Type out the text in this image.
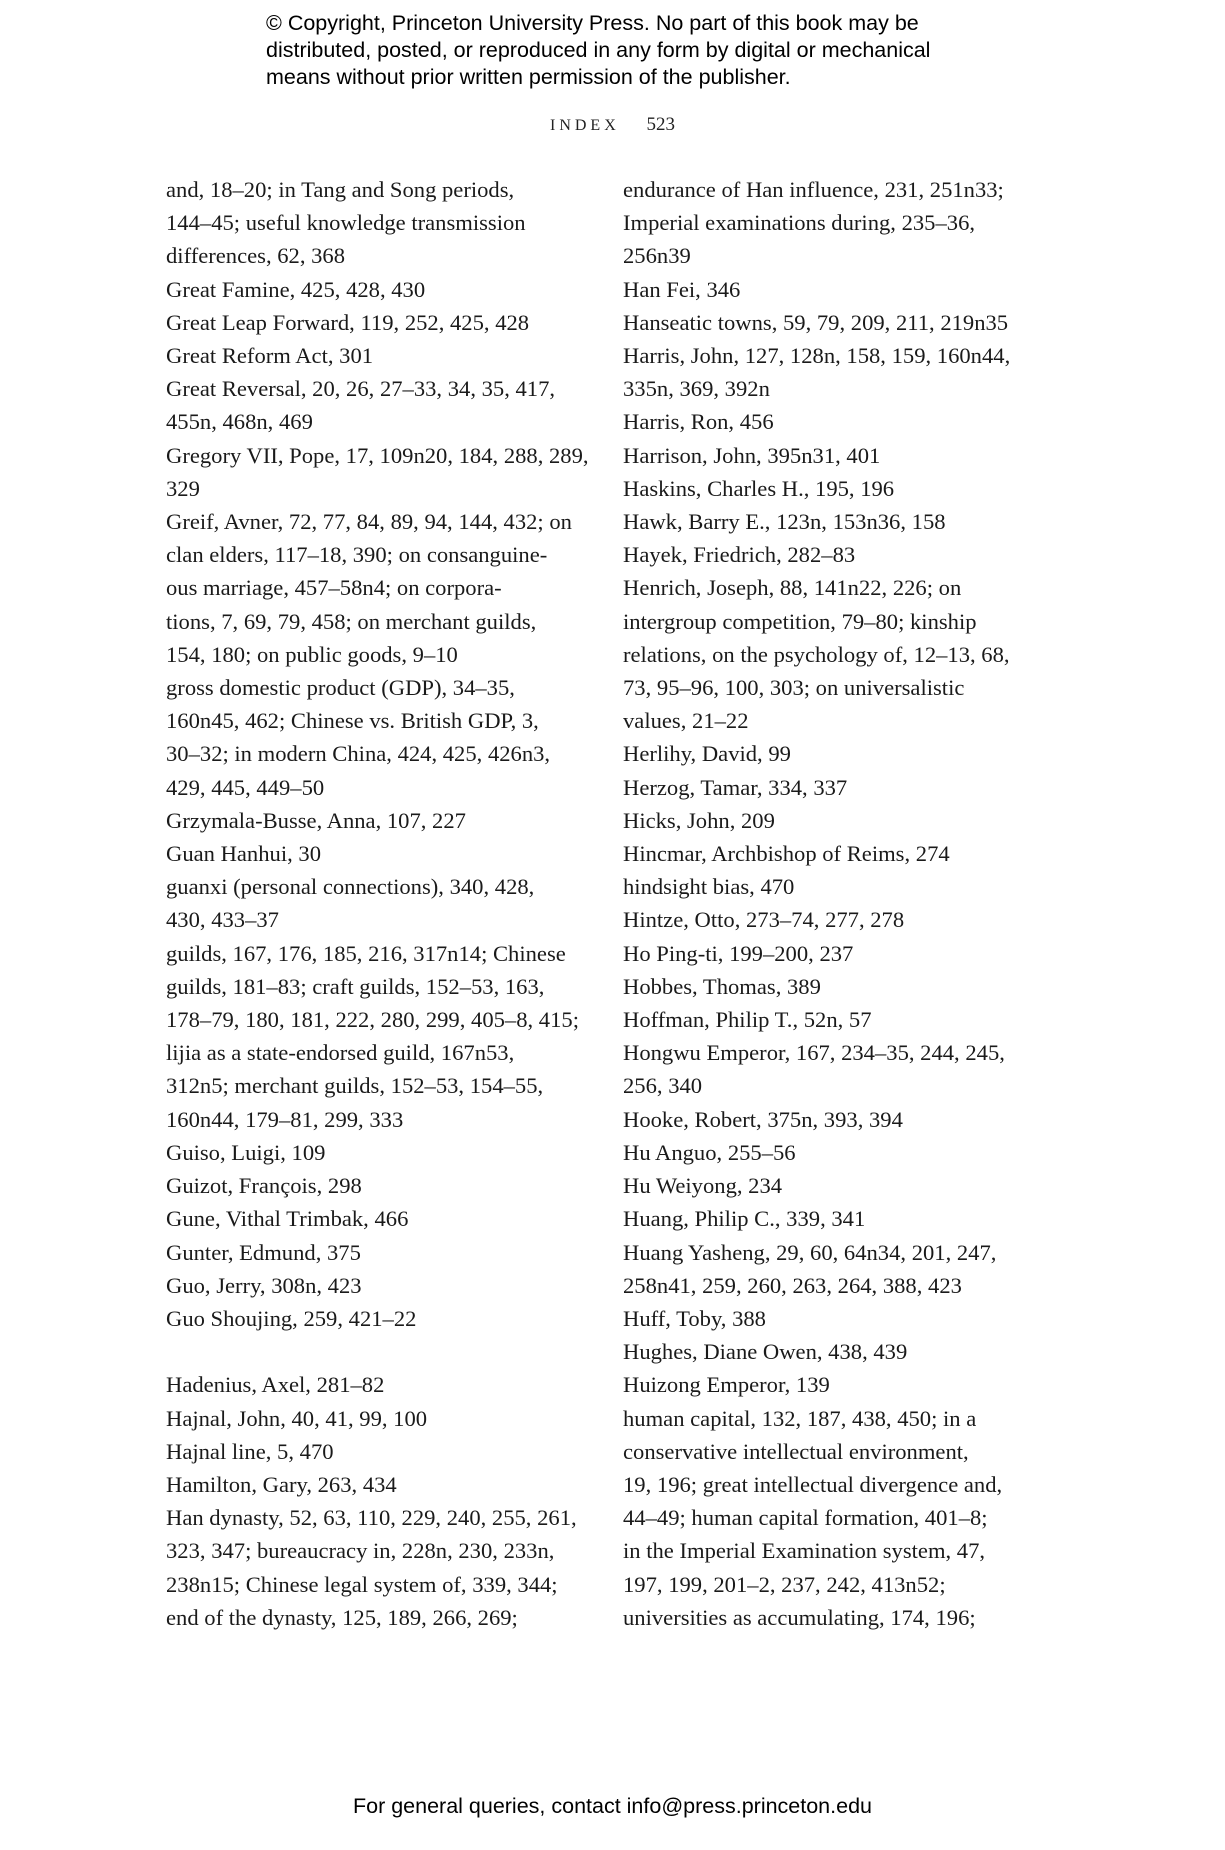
© Copyright, Princeton University Press. No part of this book may be
distributed, posted, or reproduced in any form by digital or mechanical
means without prior written permission of the publisher.
INDEX 523
and, 18–20; in Tang and Song periods,
144–45; useful knowledge transmission
differences, 62, 368
Great Famine, 425, 428, 430
Great Leap Forward, 119, 252, 425, 428
Great Reform Act, 301
Great Reversal, 20, 26, 27–33, 34, 35, 417,
455n, 468n, 469
Gregory VII, Pope, 17, 109n20, 184, 288, 289,
329
Greif, Avner, 72, 77, 84, 89, 94, 144, 432; on
clan elders, 117–18, 390; on consanguine-
ous marriage, 457–58n4; on corpora-
tions, 7, 69, 79, 458; on merchant guilds,
154, 180; on public goods, 9–10
gross domestic product (GDP), 34–35,
160n45, 462; Chinese vs. British GDP, 3,
30–32; in modern China, 424, 425, 426n3,
429, 445, 449–50
Grzymala-Busse, Anna, 107, 227
Guan Hanhui, 30
guanxi (personal connections), 340, 428,
430, 433–37
guilds, 167, 176, 185, 216, 317n14; Chinese
guilds, 181–83; craft guilds, 152–53, 163,
178–79, 180, 181, 222, 280, 299, 405–8, 415;
lijia as a state-endorsed guild, 167n53,
312n5; merchant guilds, 152–53, 154–55,
160n44, 179–81, 299, 333
Guiso, Luigi, 109
Guizot, François, 298
Gune, Vithal Trimbak, 466
Gunter, Edmund, 375
Guo, Jerry, 308n, 423
Guo Shoujing, 259, 421–22
Hadenius, Axel, 281–82
Hajnal, John, 40, 41, 99, 100
Hajnal line, 5, 470
Hamilton, Gary, 263, 434
Han dynasty, 52, 63, 110, 229, 240, 255, 261,
323, 347; bureaucracy in, 228n, 230, 233n,
238n15; Chinese legal system of, 339, 344;
end of the dynasty, 125, 189, 266, 269;
endurance of Han influence, 231, 251n33;
Imperial examinations during, 235–36,
256n39
Han Fei, 346
Hanseatic towns, 59, 79, 209, 211, 219n35
Harris, John, 127, 128n, 158, 159, 160n44,
335n, 369, 392n
Harris, Ron, 456
Harrison, John, 395n31, 401
Haskins, Charles H., 195, 196
Hawk, Barry E., 123n, 153n36, 158
Hayek, Friedrich, 282–83
Henrich, Joseph, 88, 141n22, 226; on
intergroup competition, 79–80; kinship
relations, on the psychology of, 12–13, 68,
73, 95–96, 100, 303; on universalistic
values, 21–22
Herlihy, David, 99
Herzog, Tamar, 334, 337
Hicks, John, 209
Hincmar, Archbishop of Reims, 274
hindsight bias, 470
Hintze, Otto, 273–74, 277, 278
Ho Ping-ti, 199–200, 237
Hobbes, Thomas, 389
Hoffman, Philip T., 52n, 57
Hongwu Emperor, 167, 234–35, 244, 245,
256, 340
Hooke, Robert, 375n, 393, 394
Hu Anguo, 255–56
Hu Weiyong, 234
Huang, Philip C., 339, 341
Huang Yasheng, 29, 60, 64n34, 201, 247,
258n41, 259, 260, 263, 264, 388, 423
Huff, Toby, 388
Hughes, Diane Owen, 438, 439
Huizong Emperor, 139
human capital, 132, 187, 438, 450; in a
conservative intellectual environment,
19, 196; great intellectual divergence and,
44–49; human capital formation, 401–8;
in the Imperial Examination system, 47,
197, 199, 201–2, 237, 242, 413n52;
universities as accumulating, 174, 196;
For general queries, contact info@press.princeton.edu
